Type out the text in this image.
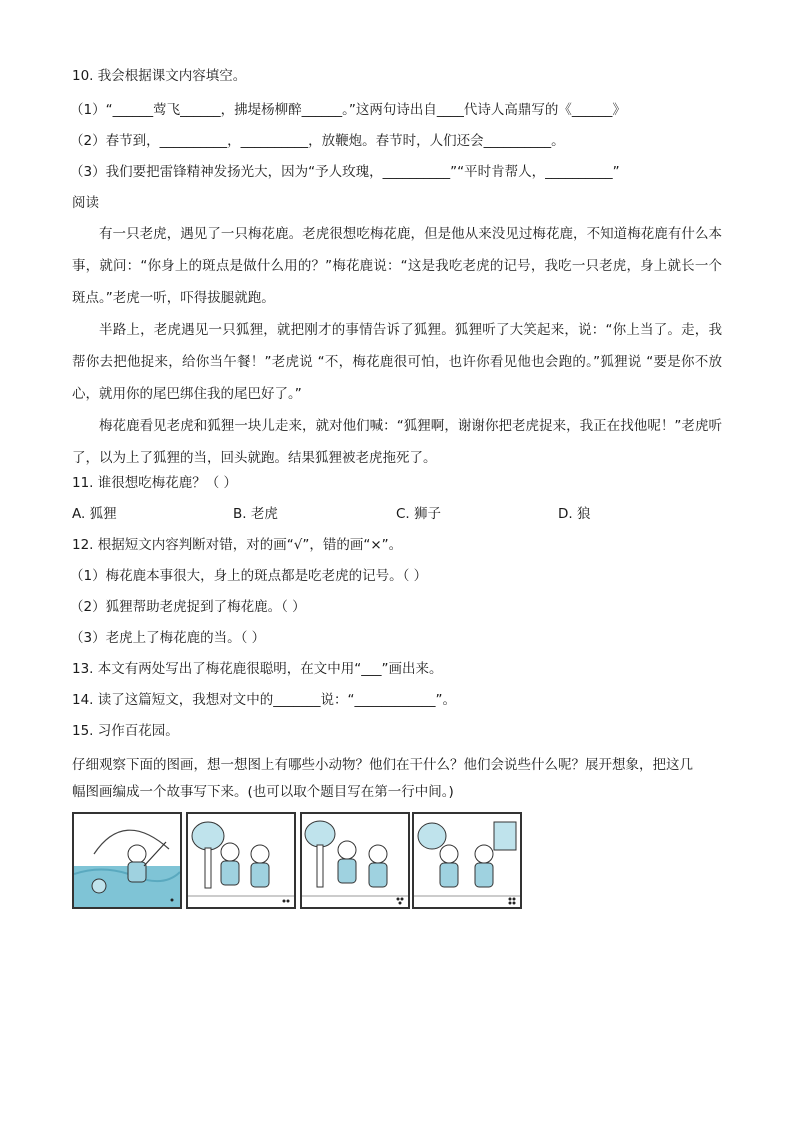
10. 我会根据课文内容填空。
（1）“______莺飞______，拂堤杨柳醉______。”这两句诗出自____代诗人高鼎写的《______》
（2）春节到，__________，__________，放鞭炮。春节时，人们还会__________。
（3）我们要把雷锋精神发扬光大，因为“予人玫瑰，__________”“平时肯帮人，__________”
阅读

有一只老虎，遇见了一只梅花鹿。老虎很想吃梅花鹿，但是他从来没见过梅花鹿，不知道梅花鹿有什么本事，就问：“你身上的斑点是做什么用的？”梅花鹿说：“这是我吃老虎的记号，我吃一只老虎，身上就长一个斑点。”老虎一听，吓得拔腿就跑。

半路上，老虎遇见一只狐狸，就把刚才的事情告诉了狐狸。狐狸听了大笑起来，说：“你上当了。走，我帮你去把他捉来，给你当午餐！”老虎说 “不，梅花鹿很可怕，也许你看见他也会跑的。”狐狸说 “要是你不放心，就用你的尾巴绑住我的尾巴好了。”

梅花鹿看见老虎和狐狸一块儿走来，就对他们喊：“狐狸啊，谢谢你把老虎捉来，我正在找他呢！”老虎听了，以为上了狐狸的当，回头就跑。结果狐狸被老虎拖死了。

11. 谁很想吃梅花鹿？（ ）
A. 狐狸	B. 老虎	C. 狮子	D. 狼
12. 根据短文内容判断对错，对的画“√”，错的画“×”。
（1）梅花鹿本事很大，身上的斑点都是吃老虎的记号。（ ）
（2）狐狸帮助老虎捉到了梅花鹿。（ ）
（3）老虎上了梅花鹿的当。（ ）
13. 本文有两处写出了梅花鹿很聪明，在文中用“___”画出来。
14. 读了这篇短文，我想对文中的_______说：“____________”。
15. 习作百花园。
仔细观察下面的图画，想一想图上有哪些小动物？他们在干什么？他们会说些什么呢？展开想象，把这几
幅图画编成一个故事写下来。(也可以取个题目写在第一行中间。)
